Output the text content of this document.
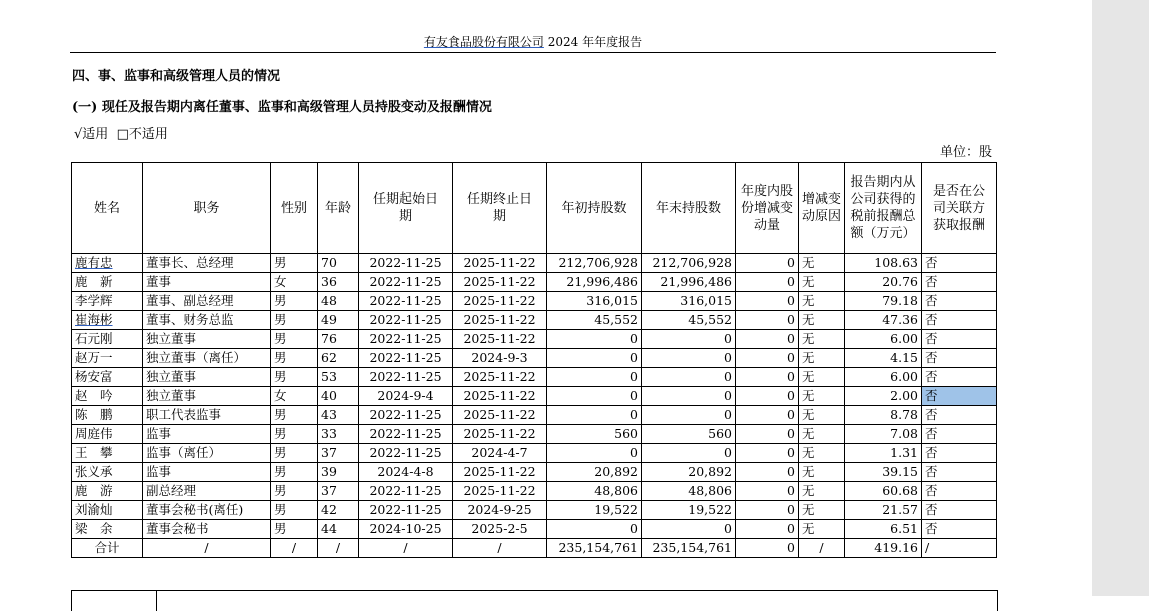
有友食品股份有限公司 2024 年年度报告
四、事、监事和高级管理人员的情况
(一) 现任及报告期内离任董事、监事和高级管理人员持股变动及报酬情况
√适用 □不适用
单位：股
姓名	职务	性别	年龄	任期起始日期	任期终止日期	年初持股数	年末持股数	年度内股份增减变动量	增减变动原因	报告期内从公司获得的税前报酬总额（万元）	是否在公司关联方获取报酬
鹿有忠	董事长、总经理	男	70	2022-11-25	2025-11-22	212,706,928	212,706,928	0	无	108.63	否
鹿　新	董事	女	36	2022-11-25	2025-11-22	21,996,486	21,996,486	0	无	20.76	否
李学辉	董事、副总经理	男	48	2022-11-25	2025-11-22	316,015	316,015	0	无	79.18	否
崔海彬	董事、财务总监	男	49	2022-11-25	2025-11-22	45,552	45,552	0	无	47.36	否
石元刚	独立董事	男	76	2022-11-25	2025-11-22	0	0	0	无	6.00	否
赵万一	独立董事（离任）	男	62	2022-11-25	2024-9-3	0	0	0	无	4.15	否
杨安富	独立董事	男	53	2022-11-25	2025-11-22	0	0	0	无	6.00	否
赵　吟	独立董事	女	40	2024-9-4	2025-11-22	0	0	0	无	2.00	否
陈　鹏	职工代表监事	男	43	2022-11-25	2025-11-22	0	0	0	无	8.78	否
周庭伟	监事	男	33	2022-11-25	2025-11-22	560	560	0	无	7.08	否
王　攀	监事（离任）	男	37	2022-11-25	2024-4-7	0	0	0	无	1.31	否
张义承	监事	男	39	2024-4-8	2025-11-22	20,892	20,892	0	无	39.15	否
鹿　游	副总经理	男	37	2022-11-25	2025-11-22	48,806	48,806	0	无	60.68	否
刘渝灿	董事会秘书(离任)	男	42	2022-11-25	2024-9-25	19,522	19,522	0	无	21.57	否
梁　余	董事会秘书	男	44	2024-10-25	2025-2-5	0	0	0	无	6.51	否
合计	/	/	/	/	/	235,154,761	235,154,761	0	/	419.16	/
